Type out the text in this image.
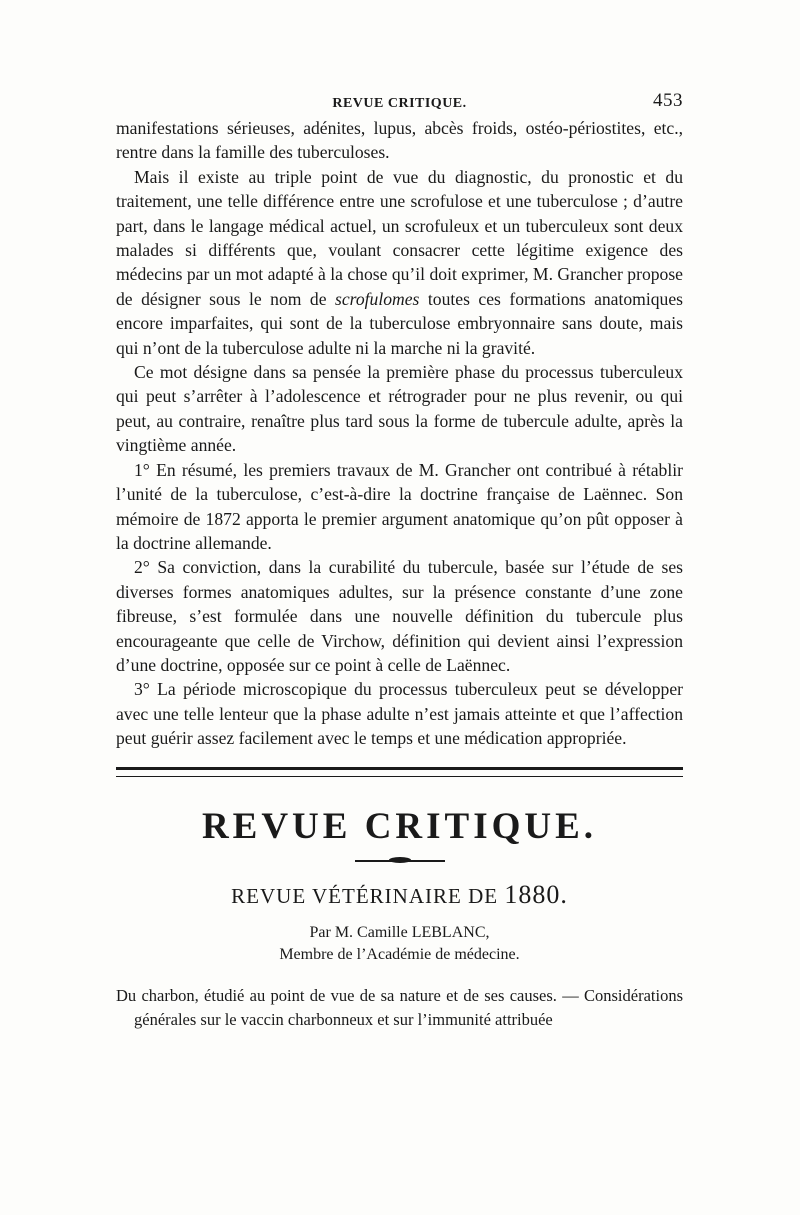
REVUE CRITIQUE.	453

manifestations sérieuses, adénites, lupus, abcès froids, ostéo-périostites, etc., rentre dans la famille des tuberculoses.

Mais il existe au triple point de vue du diagnostic, du pronostic et du traitement, une telle différence entre une scrofulose et une tuberculose ; d’autre part, dans le langage médical actuel, un scrofuleux et un tuberculeux sont deux malades si différents que, voulant consacrer cette légitime exigence des médecins par un mot adapté à la chose qu’il doit exprimer, M. Grancher propose de désigner sous le nom de scrofulomes toutes ces formations anatomiques encore imparfaites, qui sont de la tuberculose embryonnaire sans doute, mais qui n’ont de la tuberculose adulte ni la marche ni la gravité.

Ce mot désigne dans sa pensée la première phase du processus tuberculeux qui peut s’arrêter à l’adolescence et rétrograder pour ne plus revenir, ou qui peut, au contraire, renaître plus tard sous la forme de tubercule adulte, après la vingtième année.

1° En résumé, les premiers travaux de M. Grancher ont contribué à rétablir l’unité de la tuberculose, c’est-à-dire la doctrine française de Laënnec. Son mémoire de 1872 apporta le premier argument anatomique qu’on pût opposer à la doctrine allemande.

2° Sa conviction, dans la curabilité du tubercule, basée sur l’étude de ses diverses formes anatomiques adultes, sur la présence constante d’une zone fibreuse, s’est formulée dans une nouvelle définition du tubercule plus encourageante que celle de Virchow, définition qui devient ainsi l’expression d’une doctrine, opposée sur ce point à celle de Laënnec.

3° La période microscopique du processus tuberculeux peut se développer avec une telle lenteur que la phase adulte n’est jamais atteinte et que l’affection peut guérir assez facilement avec le temps et une médication appropriée.

REVUE CRITIQUE.
REVUE VÉTÉRINAIRE DE 1880.
Par M. Camille LEBLANC,
Membre de l’Académie de médecine.
Du charbon, étudié au point de vue de sa nature et de ses causes. — Considérations générales sur le vaccin charbonneux et sur l’immunité attribuée
